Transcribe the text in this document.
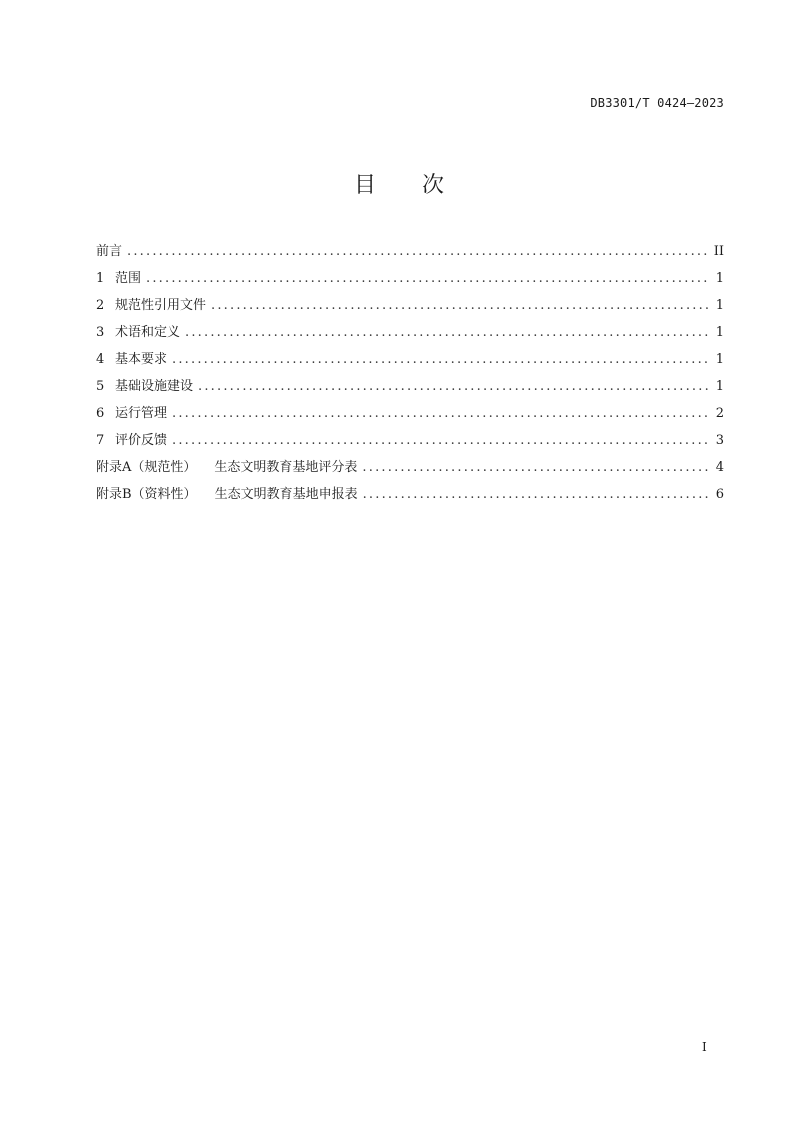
DB3301/T 0424—2023
目 次
前言 .....	II
1 范围 .....	1
2 规范性引用文件 .....	1
3 术语和定义 .....	1
4 基本要求 .....	1
5 基础设施建设 .....	1
6 运行管理 .....	2
7 评价反馈 .....	3
附录A（规范性） 生态文明教育基地评分表 .....	4
附录B（资料性） 生态文明教育基地申报表 .....	6
I
